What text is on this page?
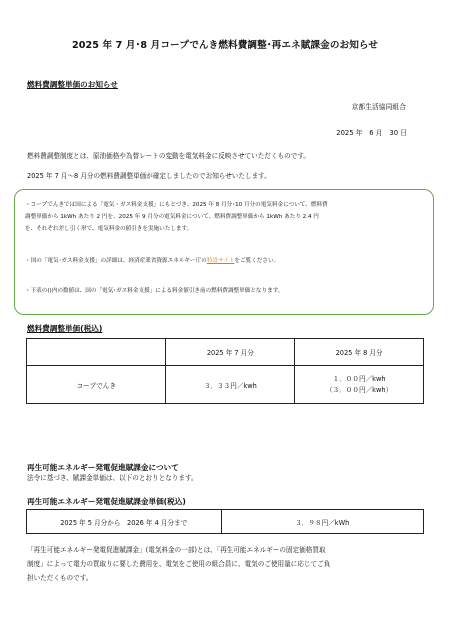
2025 年 7 月･8 月コープでんき燃料費調整･再エネ賦課金のお知らせ
燃料費調整単価のお知らせ
京都生活協同組合
2025 年　6 月　30 日
燃料費調整制度とは、原油価格や為替レートの変動を電気料金に反映させていただくものです。
2025 年 7 月～8 月分の燃料費調整単価が確定しましたのでお知らせいたします。

・コープでんきでは国による「電気・ガス料金支援」にもとづき、2025 年 8 月分･10 月分の電気料金について、燃料費

調整単価から 1kWh あたり 2 円を、2025 年 9 月分の電気料金について、燃料費調整単価から 1kWh あたり 2.4 円

を、それぞれ差し引く形で、電気料金の値引きを実施いたします。

・国の「電気･ガス料金支援」の詳細は、経済産業省資源エネルギー庁の特設サイトをご覧ください。

・下表の()内の数値は、国の「電気･ガス料金支援」による料金値引き前の燃料費調整単価となります。

燃料費調整単価(税込)
	2025 年 7 月分	2025 年 8 月分
コープでんき	３．３３円／kwh	１．００円／kwh
（３．００円／kwh）
再生可能エネルギー発電促進賦課金について
法令に基づき、賦課金単価は、以下のとおりとなります。
再生可能エネルギー発電促進賦課金単価(税込)
2025 年 5 月分から　2026 年 4 月分まで	３．９８円／kWh
「再生可能エネルギー発電促進賦課金」(電気料金の一部)とは、「再生可能エネルギーの固定価格買取
制度」によって電力の買取りに要した費用を、電気をご使用の組合員に、電気のご使用量に応じてご負
担いただくものです。
